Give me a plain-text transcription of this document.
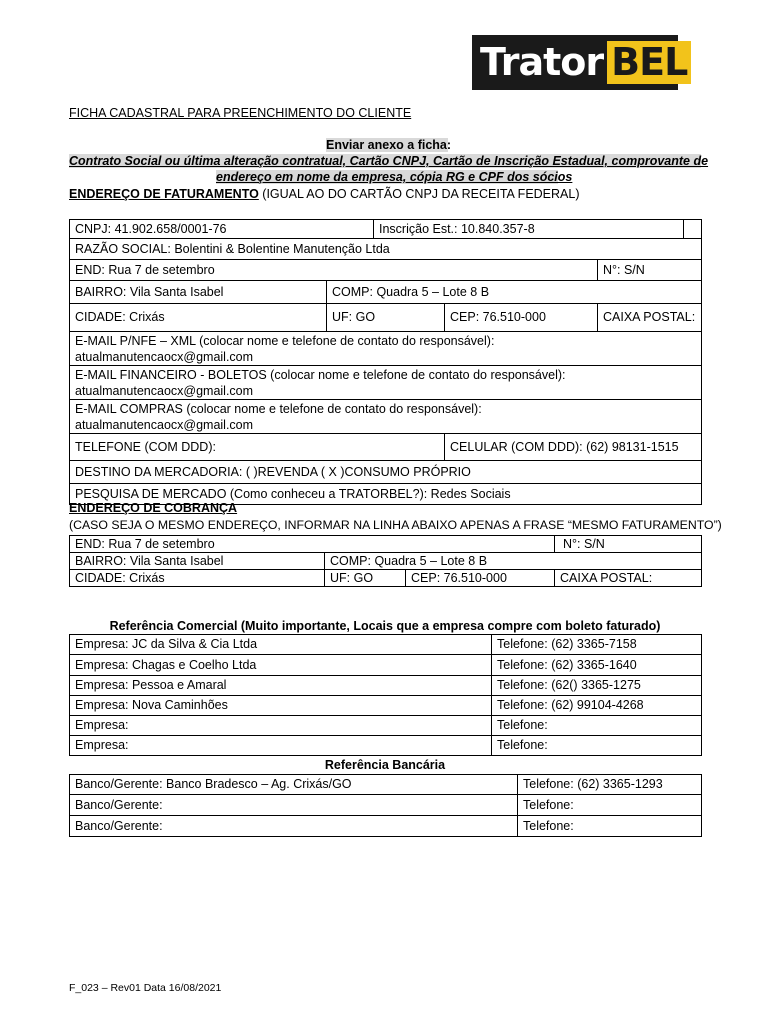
Trator BEL
FICHA CADASTRAL PARA PREENCHIMENTO DO CLIENTE
Enviar anexo a ficha:
Contrato Social ou última alteração contratual, Cartão CNPJ, Cartão de Inscrição Estadual, comprovante de
endereço em nome da empresa, cópia RG e CPF dos sócios
ENDEREÇO DE FATURAMENTO (IGUAL AO DO CARTÃO CNPJ DA RECEITA FEDERAL)
CNPJ: 41.902.658/0001-76		Inscrição Est.: 10.840.357-8			
RAZÃO SOCIAL: Bolentini & Bolentine Manutenção Ltda					
END: Rua 7 de setembro				N°: S/N	
BAIRRO: Vila Santa Isabel	COMP: Quadra 5 – Lote 8 B				
CIDADE: Crixás	UF: GO		CEP: 76.510-000	CAIXA POSTAL:	

E-MAIL P/NFE – XML (colocar nome e telefone de contato do responsável):
atualmanutencaocx@gmail.com					

E-MAIL FINANCEIRO - BOLETOS (colocar nome e telefone de contato do responsável):
atualmanutencaocx@gmail.com					

E-MAIL COMPRAS (colocar nome e telefone de contato do responsável):
atualmanutencaocx@gmail.com					

TELEFONE (COM DDD):			CELULAR (COM DDD): (62) 98131-1515		
DESTINO DA MERCADORIA: ( )REVENDA ( X )CONSUMO PRÓPRIO					
PESQUISA DE MERCADO (Como conheceu a TRATORBEL?): Redes Sociais					
ENDEREÇO DE COBRANÇA
(CASO SEJA O MESMO ENDEREÇO, INFORMAR NA LINHA ABAIXO APENAS A FRASE “MESMO FATURAMENTO”)
END: Rua 7 de setembro			N°: S/N
BAIRRO: Vila Santa Isabel	COMP: Quadra 5 – Lote 8 B		
CIDADE: Crixás	UF: GO	CEP: 76.510-000	CAIXA POSTAL:
Referência Comercial (Muito importante, Locais que a empresa compre com boleto faturado)
Empresa: JC da Silva & Cia Ltda	Telefone: (62) 3365-7158
Empresa: Chagas e Coelho Ltda	Telefone: (62) 3365-1640
Empresa: Pessoa e Amaral	Telefone: (62() 3365-1275
Empresa: Nova Caminhões	Telefone: (62) 99104-4268
Empresa:	Telefone:
Empresa:	Telefone:
Referência Bancária
Banco/Gerente: Banco Bradesco – Ag. Crixás/GO	Telefone: (62) 3365-1293
Banco/Gerente:	Telefone:
Banco/Gerente:	Telefone:
F_023 – Rev01 Data 16/08/2021
